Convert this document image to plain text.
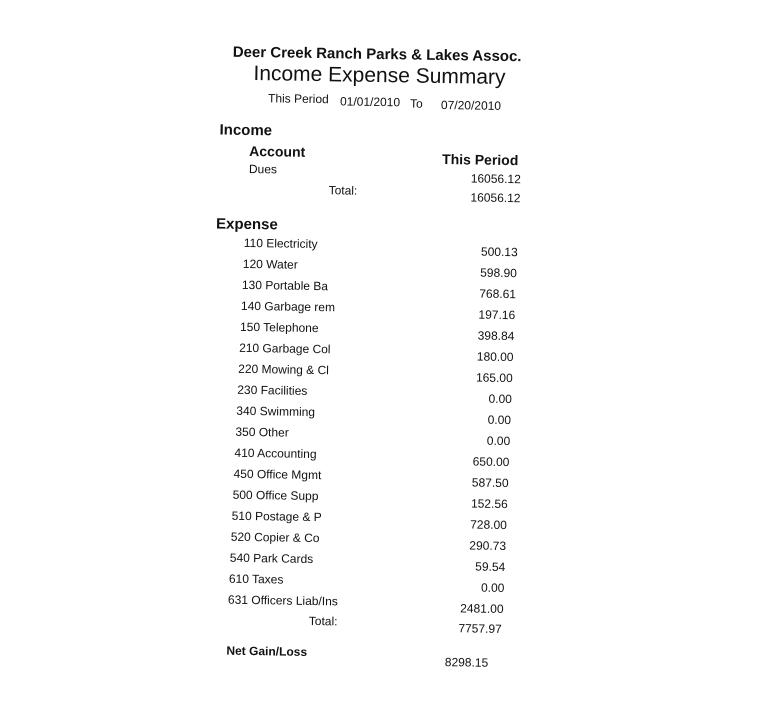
Deer Creek Ranch Parks & Lakes Assoc.
Income Expense Summary
This Period 01/01/2010 To 07/20/2010
Income
Account	This Period
Dues
16056.12
Total:
16056.12
Expense
110 Electricity
500.13
120 Water
598.90
130 Portable Ba
768.61
140 Garbage rem
197.16
150 Telephone
398.84
210 Garbage Col
180.00
220 Mowing & Cl
165.00
230 Facilities
0.00
340 Swimming
0.00
350 Other
0.00
410 Accounting
650.00
450 Office Mgmt
587.50
500 Office Supp
152.56
510 Postage & P
728.00
520 Copier & Co
290.73
540 Park Cards
59.54
610 Taxes
0.00
631 Officers Liab/Ins
2481.00
Total:
7757.97
Net Gain/Loss
8298.15
